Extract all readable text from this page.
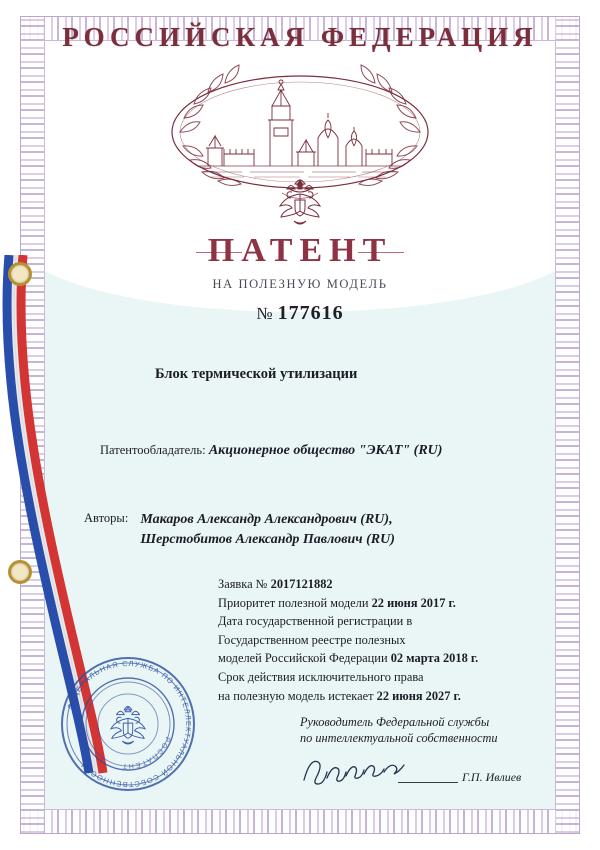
РОССИЙСКАЯ ФЕДЕРАЦИЯ
ПАТЕНТ
НА ПОЛЕЗНУЮ МОДЕЛЬ
№ 177616
Блок термической утилизации
Патентообладатель: Акционерное общество "ЭКАТ" (RU)
Авторы: Макаров Александр Александрович (RU),
Шерстобитов Александр Павлович (RU)
Заявка № 2017121882
Приоритет полезной модели 22 июня 2017 г.
Дата государственной регистрации в
Государственном реестре полезных
моделей Российской Федерации 02 марта 2018 г.
Срок действия исключительного права
на полезную модель истекает 22 июня 2027 г.
Руководитель Федеральной службы
по интеллектуальной собственности
Г.П. Ивлиев
ФЕДЕРАЛЬНАЯ СЛУЖБА ПО ИНТЕЛЛЕКТУАЛЬНОЙ СОБСТВЕННОСТИ
РОСПАТЕНТ
